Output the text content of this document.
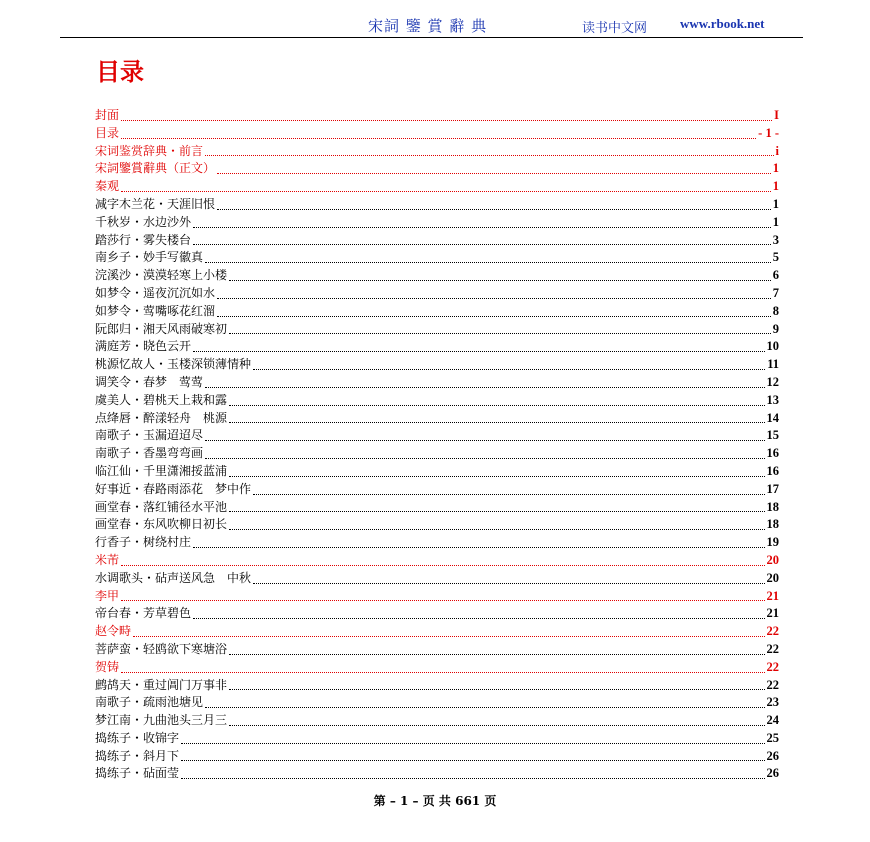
宋詞 鑒 賞 辭 典	读书中文网	www.rbook.net
目录
封面	I
目录	- 1 -
宋词鉴赏辞典・前言	i
宋詞鑒賞辭典（正文）	1
秦观	1
减字木兰花・天涯旧恨	1
千秋岁・水边沙外	1
踏莎行・雾失楼台	3
南乡子・妙手写徽真	5
浣溪沙・漠漠轻寒上小楼	6
如梦令・遥夜沉沉如水	7
如梦令・莺嘴啄花红溜	8
阮郎归・湘天风雨破寒初	9
满庭芳・晓色云开	10
桃源忆故人・玉楼深锁薄情种	11
调笑令・春梦　莺莺	12
虞美人・碧桃天上栽和露	13
点绛唇・醉漾轻舟　桃源	14
南歌子・玉漏迢迢尽	15
南歌子・香墨弯弯画	16
临江仙・千里潇湘挼蓝浦	16
好事近・春路雨添花　梦中作	17
画堂春・落红铺径水平池	18
画堂春・东风吹柳日初长	18
行香子・树绕村庄	19
米芾	20
水调歌头・砧声送风急　中秋	20
李甲	21
帝台春・芳草碧色	21
赵令畤	22
菩萨蛮・轻鸥欲下寒塘浴	22
贺铸	22
鹧鸪天・重过阊门万事非	22
南歌子・疏雨池塘见	23
梦江南・九曲池头三月三	24
捣练子・收锦字	25
捣练子・斜月下	26
捣练子・砧面莹	26
第 – 1 – 页 共 661 页
